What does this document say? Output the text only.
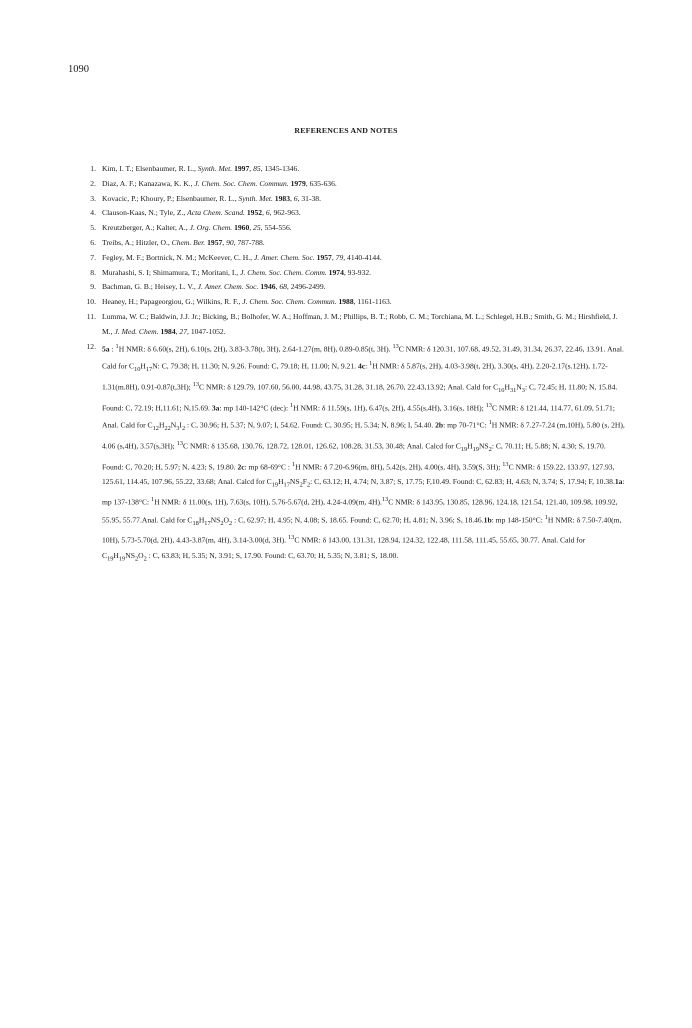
1090
REFERENCES AND NOTES
1 . Kim, I. T.; Elsenbaumer, R. L., Synth. Met. 1997, 85, 1345-1346.
2 . Diaz, A. F.; Kanazawa, K. K., J. Chem. Soc. Chem. Commun. 1979, 635-636.
3 . Kovacic, P.; Khoury, P.; Elsenbaumer, R. L., Synth. Met. 1983, 6, 31-38.
4 . Clauson-Kaas, N.; Tyle, Z., Acta Chem. Scand. 1952, 6, 962-963.
5 . Kreutzberger, A.; Kalter, A., J. Org. Chem. 1960, 25, 554-556.
6 . Treibs, A.; Hitzler, O., Chem. Ber. 1957, 90, 787-788.
7 . Fegley, M. F.; Bortnick, N. M.; McKeever, C. H., J. Amer. Chem. Soc. 1957, 79, 4140-4144.
8 . Murahashi, S. I; Shimamura, T.; Moritani, I., J. Chem. Soc. Chem. Comm. 1974, 93-932.
9 . Bachman, G. B.; Heisey, L. V., J. Amer. Chem. Soc. 1946, 68, 2496-2499.
10 . Heaney, H.; Papageorgiou, G.; Wilkins, R. F., J. Chem. Soc. Chem. Commun. 1988, 1161-1163.
11 . Lumma, W. C.; Baldwin, J.J. Jr.; Bicking, B.; Bolhofer, W. A.; Hoffman, J. M.; Phillips, B. T.; Robb, C. M.; Torchiana, M. L.; Schlegel, H.B.; Smith, G. M.; Hirshfield, J. M., J. Med. Chem. 1984, 27, 1047-1052.
12 . 5a : $^1$H NMR: δ 6.60(s, 2H), 6.10(s, 2H), 3.83-3.78(t, 3H), 2.64-1.27(m, 8H), 0.89-0.85(t, 3H). $^{13}$C NMR: δ 120.31, 107.68, 49.52, 31.49, 31.34, 26.37, 22.46, 13.91. Anal. Cald for $C_{10}H_{17}N$: C, 79.38; H, 11.30; N, 9.26. Found: C, 79.18; H, 11.00; N, 9.21. 4c: $^1$H NMR: δ 5.87(s, 2H), 4.03-3.98(t, 2H), 3.30(s, 4H), 2.20-2.17(s.12H), 1.72-1.31(m.8H), 0.91-0.87(t,3H); $^{13}$C NMR: δ 129.79, 107.60, 56.00, 44.98, 43.75, 31.28, 31.18, 26.70, 22.43,13.92; Anal. Cald for $C_{16}H_{31}N_3$: C, 72.45; H, 11.80; N, 15.84. Found: C, 72.19; H,11.61; N,15.69. 3a: mp 140-142°C (dec): $^1$H NMR: δ 11.59(s, 1H), 6.47(s, 2H), 4.55(s,4H), 3.16(s, 18H); $^{13}$C NMR: δ 121.44, 114.77, 61.09, 51.71; Anal. Cald for $C_{12}H_{22}N_3I_2$ : C, 30.96; H, 5.37; N, 9.07; I, 54.62. Found: C, 30.95; H, 5.34; N, 8.96; I, 54.40. 2b: mp 70-71°C: $^1$H NMR: δ 7.27-7.24 (m,10H), 5.80 (s, 2H), 4.06 (s,4H), 3.57(s,3H); $^{13}$C NMR: δ 135.68, 130.76, 128.72, 128.01, 126.62, 108.28, 31.53, 30.48; Anal. Calcd for $C_{19}H_{19}NS_2$: C, 70.11; H, 5.88; N, 4.30; S, 19.70. Found: C, 70.20; H, 5.97; N, 4.23; S, 19.80. 2c: mp 68-69°C : $^1$H NMR: δ 7.20-6.96(m, 8H), 5.42(s, 2H), 4.00(s, 4H), 3.59(S, 3H); $^{13}$C NMR: δ 159.22, 133.97, 127.93, 125.61, 114.45, 107.96, 55.22, 33.68; Anal. Calcd for $C_{19}H_{17}NS_2F_2$: C, 63.12; H, 4.74; N, 3.87; S, 17.75; F,10.49. Found: C, 62.83; H, 4.63; N, 3.74; S, 17.94; F, 10.38.1a: mp 137-138°C: $^1$H NMR: δ 11.00(s, 1H), 7.63(s, 10H), 5.76-5.67(d, 2H), 4.24-4.09(m, 4H).$^{13}$C NMR: δ 143.95, 130.85, 128.96, 124.18, 121.54, 121.40, 109.98, 109.92, 55.95, 55.77.Anal. Cald for $C_{18}H_{17}NS_2O_2$ : C, 62.97; H, 4.95; N, 4.08; S, 18.65. Found: C, 62.70; H, 4.81; N, 3.96; S, 18.46.1b: mp 148-150°C: $^1$H NMR: δ 7.50-7.40(m, 10H), 5.73-5.70(d, 2H), 4.43-3.87(m, 4H), 3.14-3.00(d, 3H). $^{13}$C NMR: δ 143.00, 131.31, 128.94, 124.32, 122.48, 111.58, 111.45, 55.65, 30.77. Anal. Cald for $C_{19}H_{19}NS_2O_2$ : C, 63.83; H, 5.35; N, 3.91; S, 17.90. Found: C, 63.70; H, 5.35; N, 3.81; S, 18.00.
